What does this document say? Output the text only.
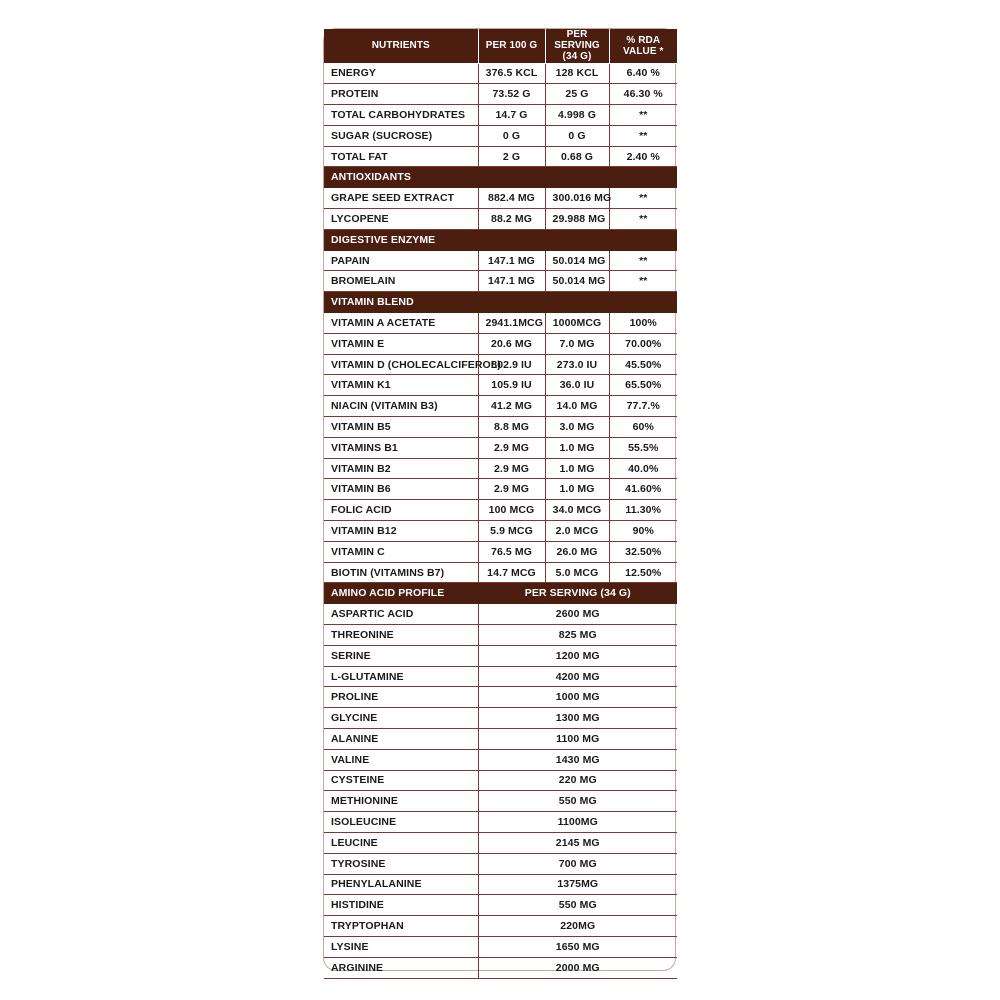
NUTRIENTS	PER 100 G	PER SERVING (34 G)	% RDA VALUE *
ENERGY	376.5 KCL	128 KCL	6.40 %
PROTEIN	73.52 G	25 G	46.30 %
TOTAL CARBOHYDRATES	14.7 G	4.998 G	**
SUGAR (SUCROSE)	0 G	0 G	**
TOTAL FAT	2 G	0.68 G	2.40 %
ANTIOXIDANTS			
GRAPE SEED EXTRACT	882.4 MG	300.016 MG	**
LYCOPENE	88.2 MG	29.988 MG	**
DIGESTIVE ENZYME			
PAPAIN	147.1 MG	50.014 MG	**
BROMELAIN	147.1 MG	50.014 MG	**
VITAMIN BLEND			
VITAMIN A ACETATE	2941.1MCG	1000MCG	100%
VITAMIN E	20.6 MG	7.0 MG	70.00%
VITAMIN D (CHOLECALCIFEROL)	802.9 IU	273.0 IU	45.50%
VITAMIN K1	105.9 IU	36.0 IU	65.50%
NIACIN (VITAMIN B3)	41.2 MG	14.0 MG	77.7.%
VITAMIN B5	8.8 MG	3.0 MG	60%
VITAMINS B1	2.9 MG	1.0 MG	55.5%
VITAMIN B2	2.9 MG	1.0 MG	40.0%
VITAMIN B6	2.9 MG	1.0 MG	41.60%
FOLIC ACID	100 MCG	34.0 MCG	11.30%
VITAMIN B12	5.9 MCG	2.0 MCG	90%
VITAMIN C	76.5 MG	26.0 MG	32.50%
BIOTIN (VITAMINS B7)	14.7 MCG	5.0 MCG	12.50%
AMINO ACID PROFILE	PER SERVING (34 G)		
ASPARTIC ACID	2600 MG		
THREONINE	825 MG		
SERINE	1200 MG		
L-GLUTAMINE	4200 MG		
PROLINE	1000 MG		
GLYCINE	1300 MG		
ALANINE	1100 MG		
VALINE	1430 MG		
CYSTEINE	220 MG		
METHIONINE	550 MG		
ISOLEUCINE	1100MG		
LEUCINE	2145 MG		
TYROSINE	700 MG		
PHENYLALANINE	1375MG		
HISTIDINE	550 MG		
TRYPTOPHAN	220MG		
LYSINE	1650 MG		
ARGININE	2000 MG		
